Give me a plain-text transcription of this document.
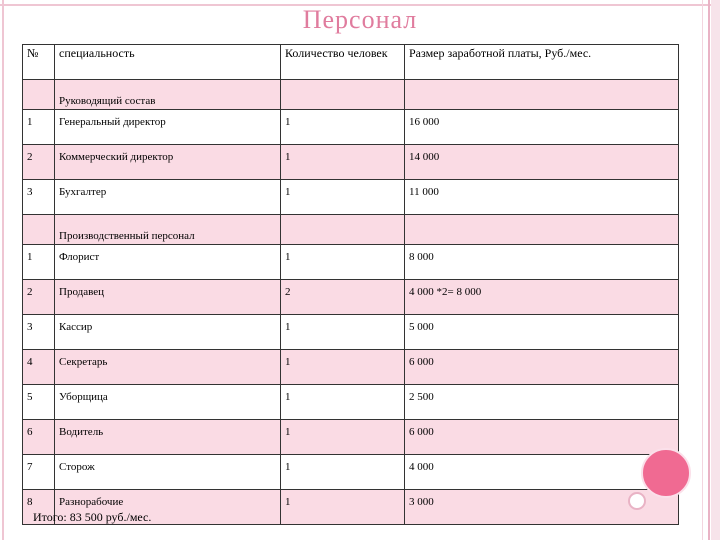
Персонал
№	специальность	Количество человек	Размер заработной платы, Руб./мес.
	Руководящий состав		
1	Генеральный директор	1	16 000
2	Коммерческий директор	1	14 000
3	Бухгалтер	1	11 000
	Производственный персонал		
1	Флорист	1	8 000
2	Продавец	2	4 000 *2= 8 000
3	Кассир	1	5 000
4	Секретарь	1	6 000
5	Уборщица	1	2 500
6	Водитель	1	6 000
7	Сторож	1	4 000
8	Разнорабочие	1	3 000
Итого: 83 500 руб./мес.
